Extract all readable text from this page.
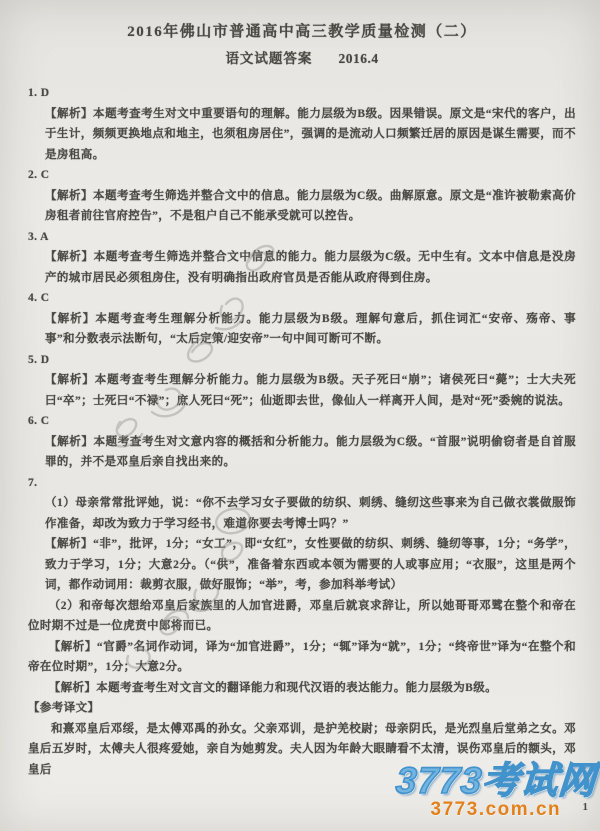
2016年佛山市普通高中高三教学质量检测（二）
语文试题答案 2016.4
1. D

【解析】本题考查考生对文中重要语句的理解。能力层级为B级。因果错误。原文是“宋代的客户，出于生计，频频更换地点和地主，也须租房居住”，强调的是流动人口频繁迁居的原因是谋生需要，而不是房租高。

2. C

【解析】本题考查考生筛选并整合文中的信息。能力层级为C级。曲解原意。原文是“准许被勒索高价房租者前往官府控告”，不是租户自己不能承受就可以控告。

3. A

【解析】本题考查考生筛选并整合文中信息的能力。能力层级为C级。无中生有。文本中信息是没房产的城市居民必须租房住，没有明确指出政府官员是否能从政府得到住房。

4. C

【解析】本题考查考生理解分析能力。能力层级为B级。理解句意后，抓住词汇“安帝、殇帝、事事”和分数表示法断句，“太后定策/迎安帝”一句中间可断可不断。

5. D

【解析】本题考查考生理解分析能力。能力层级为B级。天子死曰“崩”；诸侯死曰“薨”；士大夫死曰“卒”；士死曰“不禄”；庶人死曰“死”；仙逝即去世，像仙人一样离开人间，是对“死”委婉的说法。

6. C

【解析】本题考查考生对文意内容的概括和分析能力。能力层级为C级。“首服”说明偷窃者是自首服罪的，并不是邓皇后亲自找出来的。

7.

（1）母亲常常批评她，说：“你不去学习女子要做的纺织、刺绣、缝纫这些事来为自己做衣裳做服饰作准备，却改为致力于学习经书，难道你要去考博士吗？”

【解析】“非”，批评，1分；“女工”，即“女红”，女性要做的纺织、刺绣、缝纫等事，1分；“务学”，致力于学习，1分；大意2分。（“供”，准备着东西或本领为需要的人或事应用；“衣服”，这里是两个词，都作动词用：裁剪衣服，做好服饰；“举”，考，参加科举考试）

（2）和帝每次想给邓皇后家族里的人加官进爵，邓皇后就哀求辞让，所以她哥哥邓骘在整个和帝在位时期不过是一位虎贲中郎将而已。

【解析】“官爵”名词作动词，译为“加官进爵”，1分；“辄”译为“就”，1分；“终帝世”译为“在整个和帝在位时期”，1分；大意2分。

【解析】本题考查考生对文言文的翻译能力和现代汉语的表达能力。能力层级为B级。

【参考译文】

和熹邓皇后邓绥，是太傅邓禹的孙女。父亲邓训，是护羌校尉；母亲阴氏，是光烈皇后堂弟之女。邓皇后五岁时，太傅夫人很疼爱她，亲自为她剪发。夫人因为年龄大眼睛看不太清，误伤邓皇后的额头，邓皇后	3773考试网
3773.com.cn	1
